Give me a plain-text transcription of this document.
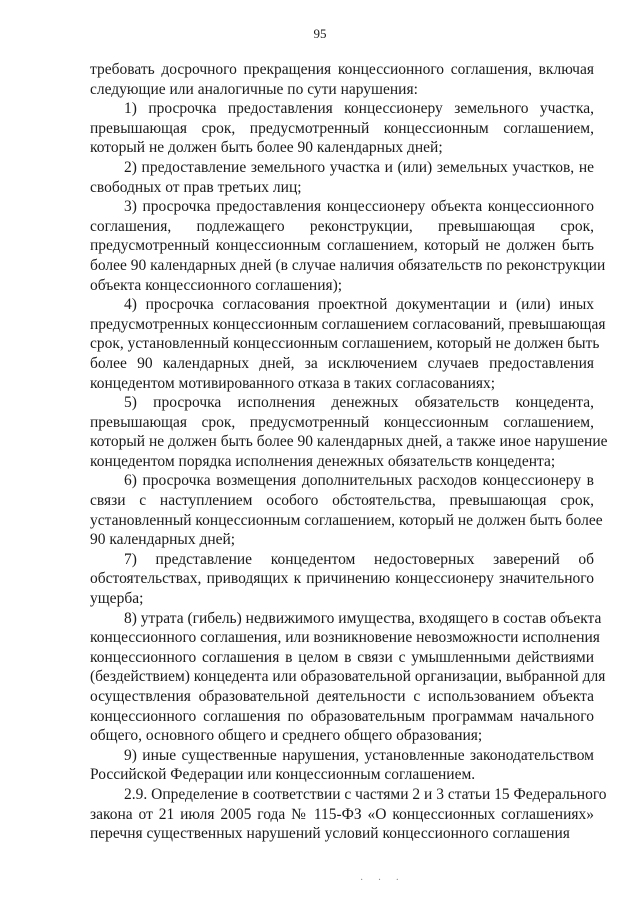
95
требовать досрочного прекращения концессионного соглашения, включая
следующие или аналогичные по сути нарушения:
1) просрочка предоставления концессионеру земельного участка,
превышающая срок, предусмотренный концессионным соглашением,
который не должен быть более 90 календарных дней;
2) предоставление земельного участка и (или) земельных участков, не
свободных от прав третьих лиц;
3) просрочка предоставления концессионеру объекта концессионного
соглашения, подлежащего реконструкции, превышающая срок,
предусмотренный концессионным соглашением, который не должен быть
более 90 календарных дней (в случае наличия обязательств по реконструкции
объекта концессионного соглашения);
4) просрочка согласования проектной документации и (или) иных
предусмотренных концессионным соглашением согласований, превышающая
срок, установленный концессионным соглашением, который не должен быть
более 90 календарных дней, за исключением случаев предоставления
концедентом мотивированного отказа в таких согласованиях;
5) просрочка исполнения денежных обязательств концедента,
превышающая срок, предусмотренный концессионным соглашением,
который не должен быть более 90 календарных дней, а также иное нарушение
концедентом порядка исполнения денежных обязательств концедента;
6) просрочка возмещения дополнительных расходов концессионеру в
связи с наступлением особого обстоятельства, превышающая срок,
установленный концессионным соглашением, который не должен быть более
90 календарных дней;
7) представление концедентом недостоверных заверений об
обстоятельствах, приводящих к причинению концессионеру значительного
ущерба;
8) утрата (гибель) недвижимого имущества, входящего в состав объекта
концессионного соглашения, или возникновение невозможности исполнения
концессионного соглашения в целом в связи с умышленными действиями
(бездействием) концедента или образовательной организации, выбранной для
осуществления образовательной деятельности с использованием объекта
концессионного соглашения по образовательным программам начального
общего, основного общего и среднего общего образования;
9) иные существенные нарушения, установленные законодательством
Российской Федерации или концессионным соглашением.
2.9. Определение в соответствии с частями 2 и 3 статьи 15 Федерального
закона от 21 июля 2005 года № 115-ФЗ «О концессионных соглашениях»
перечня существенных нарушений условий концессионного соглашения
· · ·
